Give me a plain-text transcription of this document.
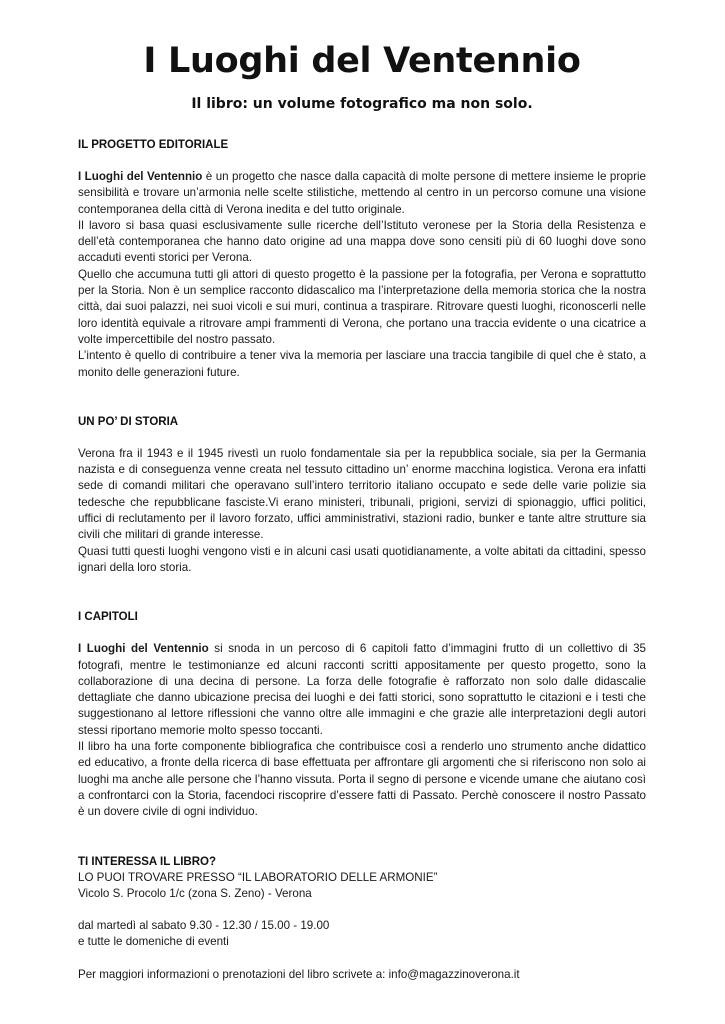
I Luoghi del Ventennio

Il libro: un volume fotografico ma non solo.

IL PROGETTO EDITORIALE

I Luoghi del Ventennio è un progetto che nasce dalla capacità di molte persone di mettere insieme le proprie sensibilità e trovare un’armonia nelle scelte stilistiche, mettendo al centro in un percorso comune una visione contemporanea della città di Verona inedita e del tutto originale.

Il lavoro si basa quasi esclusivamente sulle ricerche dell’Istituto veronese per la Storia della Resistenza e dell’età contemporanea che hanno dato origine ad una mappa dove sono censiti più di 60 luoghi dove sono accaduti eventi storici per Verona.

Quello che accumuna tutti gli attori di questo progetto è la passione per la fotografia, per Verona e soprattutto per la Storia. Non è un semplice racconto didascalico ma l’interpretazione della memoria storica che la nostra città, dai suoi palazzi, nei suoi vicoli e sui muri, continua a traspirare. Ritrovare questi luoghi, riconoscerli nelle loro identità equivale a ritrovare ampi frammenti di Verona, che portano una traccia evidente o una cicatrice a volte impercettibile del nostro passato.

L’intento è quello di contribuire a tener viva la memoria per lasciare una traccia tangibile di quel che è stato, a monito delle generazioni future.

UN PO’ DI STORIA

Verona fra il 1943 e il 1945 rivestì un ruolo fondamentale sia per la repubblica sociale, sia per la Germania nazista e di conseguenza venne creata nel tessuto cittadino un’ enorme macchina logistica. Verona era infatti sede di comandi militari che operavano sull’intero territorio italiano occupato e sede delle varie polizie sia tedesche che repubblicane fasciste.Vi erano ministeri, tribunali, prigioni, servizi di spionaggio, uffici politici, uffici di reclutamento per il lavoro forzato, uffici amministrativi, stazioni radio, bunker e tante altre strutture sia civili che militari di grande interesse.

Quasi tutti questi luoghi vengono visti e in alcuni casi usati quotidianamente, a volte abitati da cittadini, spesso ignari della loro storia.

I CAPITOLI

I Luoghi del Ventennio si snoda in un percoso di 6 capitoli fatto d’immagini frutto di un collettivo di 35 fotografi, mentre le testimonianze ed alcuni racconti scritti appositamente per questo progetto, sono la collaborazione di una decina di persone. La forza delle fotografie è rafforzato non solo dalle didascalie dettagliate che danno ubicazione precisa dei luoghi e dei fatti storici, sono soprattutto le citazioni e i testi che suggestionano al lettore riflessioni che vanno oltre alle immagini e che grazie alle interpretazioni degli autori stessi riportano memorie molto spesso toccanti.

Il libro ha una forte componente bibliografica che contribuisce così a renderlo uno strumento anche didattico ed educativo, a fronte della ricerca di base effettuata per affrontare gli argomenti che si riferiscono non solo ai luoghi ma anche alle persone che l’hanno vissuta. Porta il segno di persone e vicende umane che aiutano così a confrontarci con la Storia, facendoci riscoprire d’essere fatti di Passato. Perchè conoscere il nostro Passato è un dovere civile di ogni individuo.

TI INTERESSA IL LIBRO?

LO PUOI TROVARE PRESSO “IL LABORATORIO DELLE ARMONIE”

Vicolo S. Procolo 1/c (zona S. Zeno) - Verona

dal martedì al sabato 9.30 - 12.30 / 15.00 - 19.00

e tutte le domeniche di eventi

Per maggiori informazioni o prenotazioni del libro scrivete a: info@magazzinoverona.it
